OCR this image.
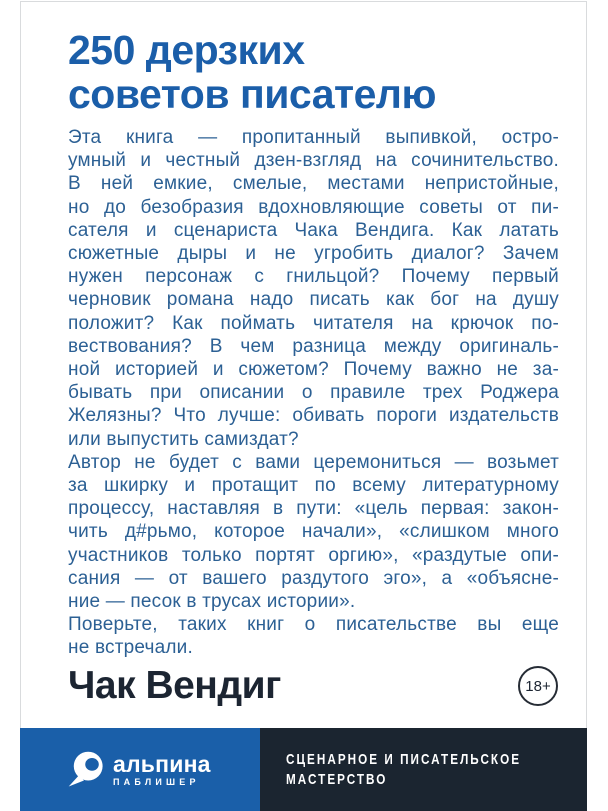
250 дерзких
советов писателю
Эта книга — пропитанный выпивкой, остро-
умный и честный дзен-взгляд на сочинительство.
В ней емкие, смелые, местами непристойные,
но до безобразия вдохновляющие советы от пи-
сателя и сценариста Чака Вендига. Как латать
сюжетные дыры и не угробить диалог? Зачем
нужен персонаж с гнильцой? Почему первый
черновик романа надо писать как бог на душу
положит? Как поймать читателя на крючок по-
вествования? В чем разница между оригиналь-
ной историей и сюжетом? Почему важно не за-
бывать при описании о правиле трех Роджера
Желязны? Что лучше: обивать пороги издательств
или выпустить самиздат?
Автор не будет с вами церемониться — возьмет
за шкирку и протащит по всему литературному
процессу, наставляя в пути: «цель первая: закон-
чить д#рьмо, которое начали», «слишком много
участников только портят оргию», «раздутые опи-
сания — от вашего раздутого эго», а «объясне-
ние — песок в трусах истории».
Поверьте, таких книг о писательстве вы еще
не встречали.
Чак Вендиг	18+
альпина
ПАБЛИШЕР
СЦЕНАРНОЕ И ПИСАТЕЛЬСКОЕ
МАСТЕРСТВО
